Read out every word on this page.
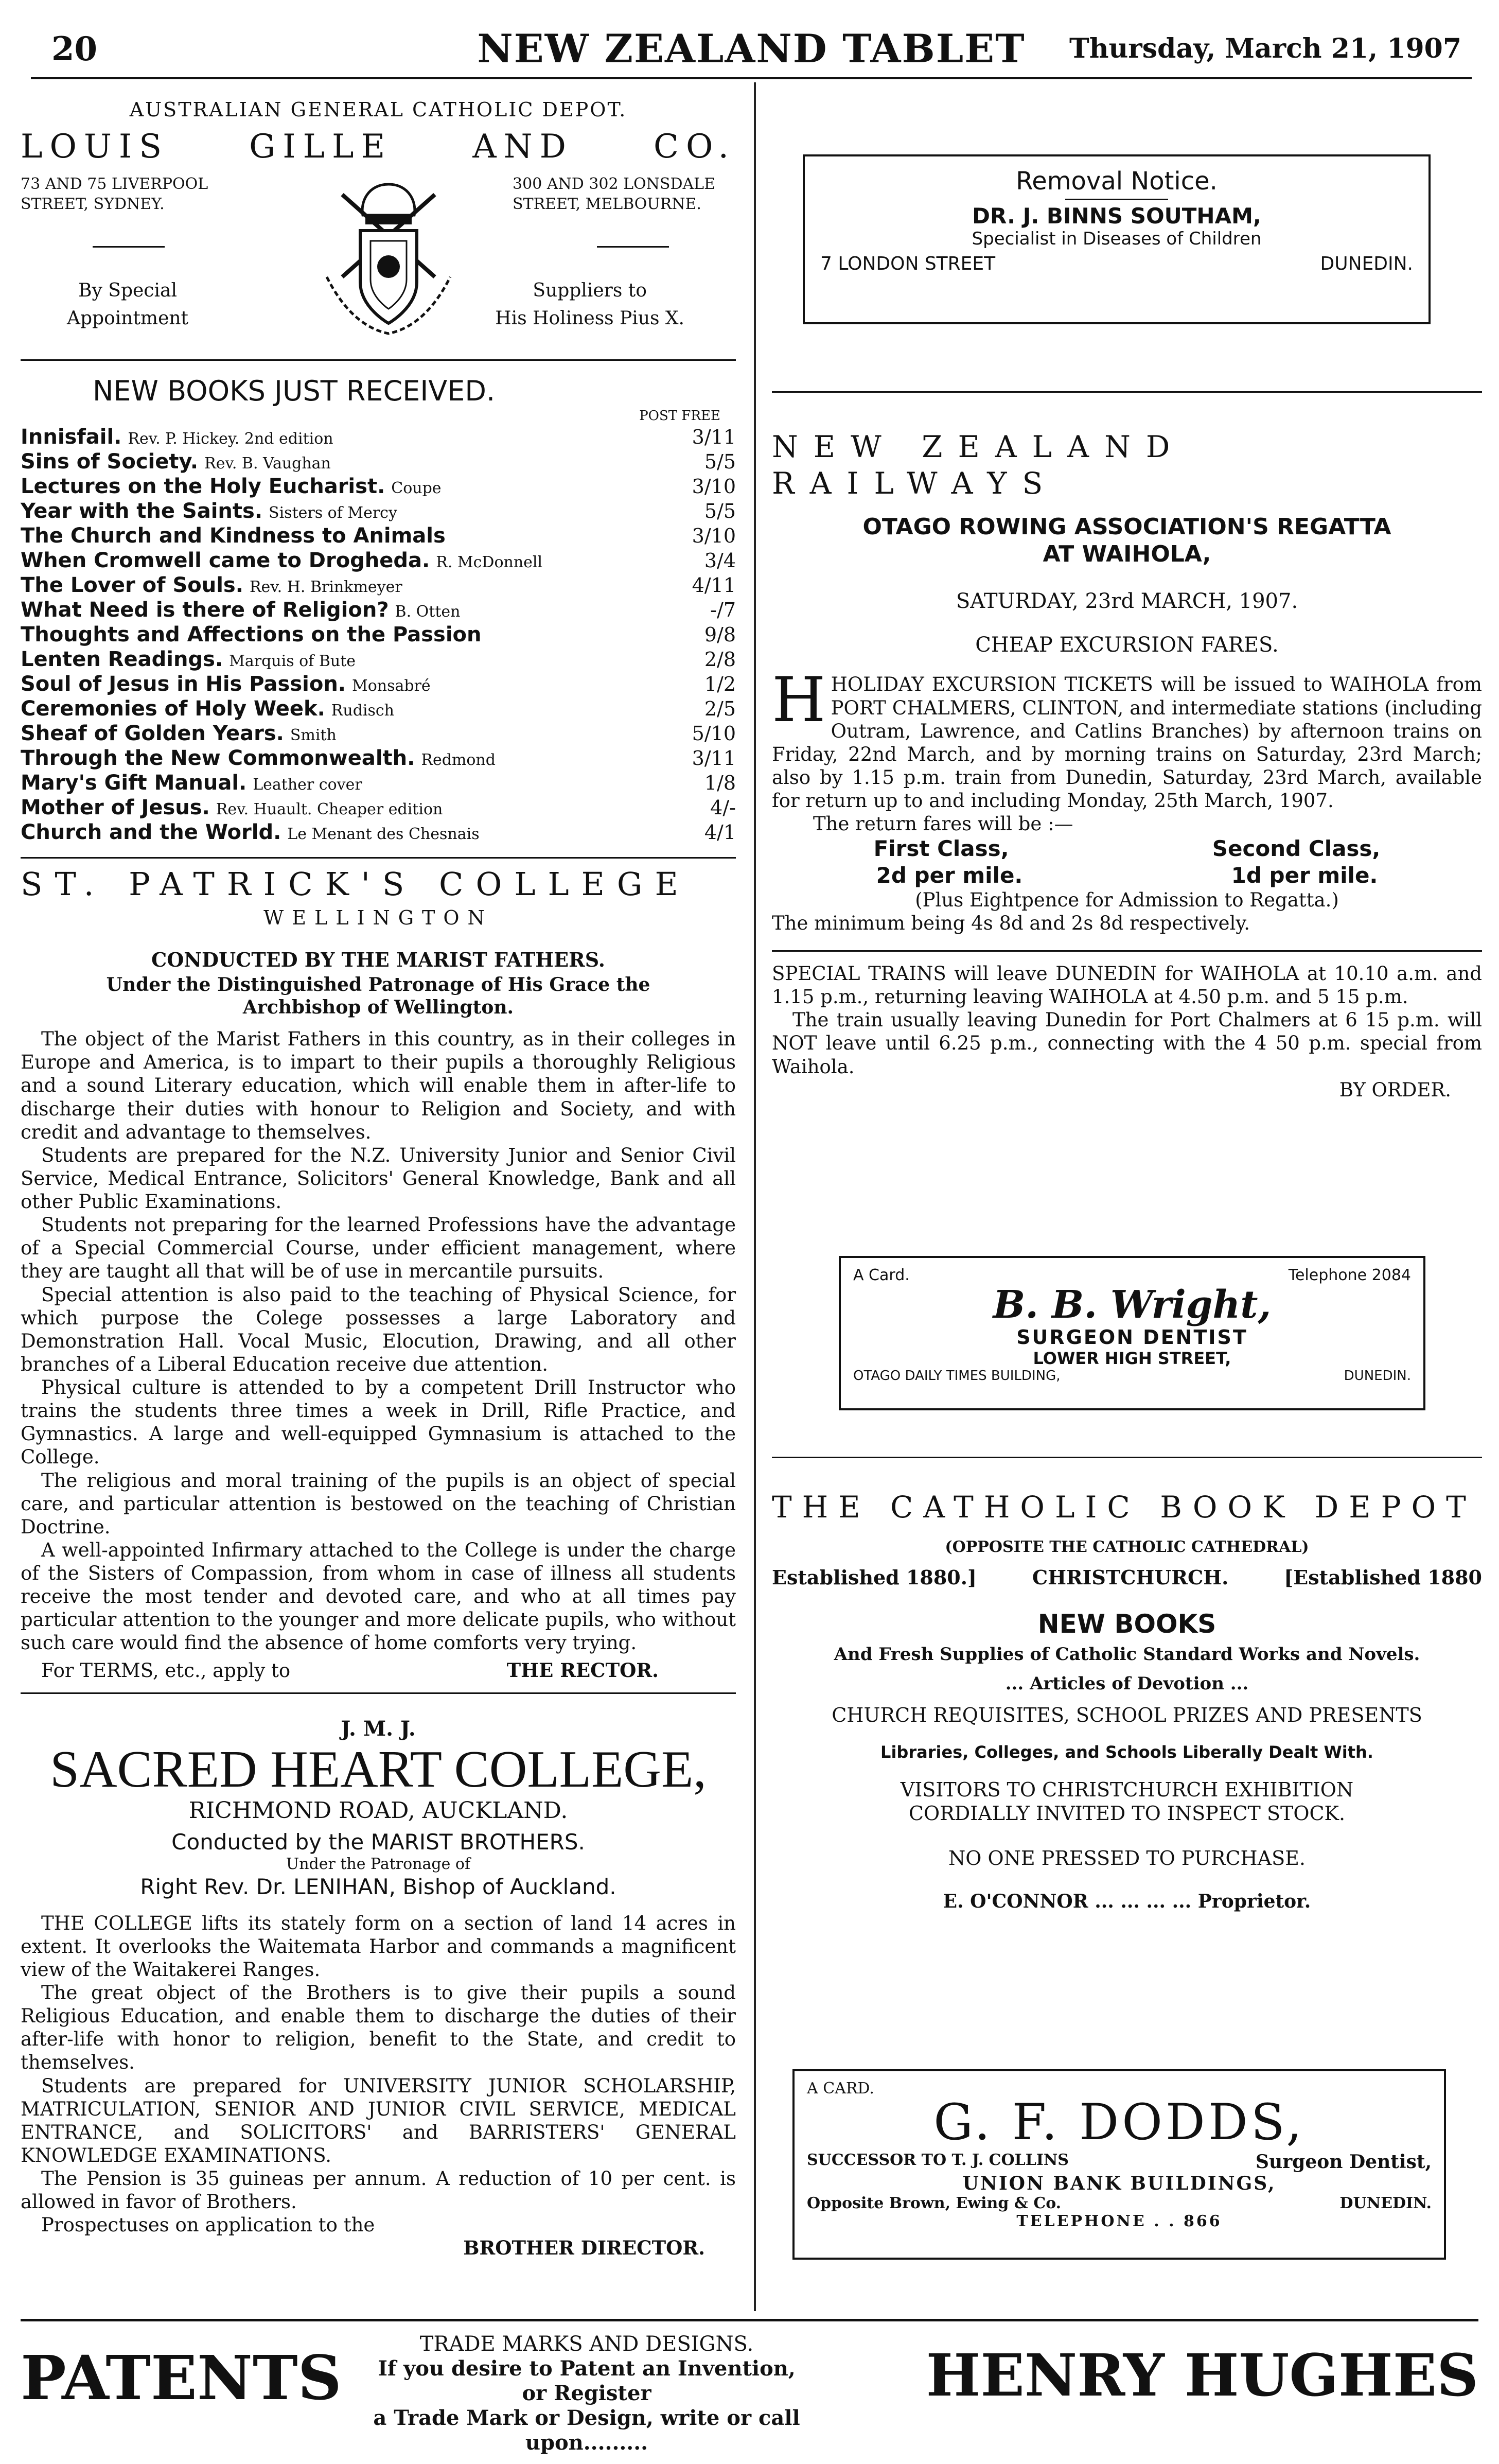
20	NEW ZEALAND TABLET	Thursday, March 21, 1907
AUSTRALIAN GENERAL CATHOLIC DEPOT.
LOUIS GILLE AND CO.
73 AND 75 LIVERPOOL
STREET, SYDNEY.
300 AND 302 LONSDALE
STREET, MELBOURNE.
By Special
Appointment
Suppliers to
His Holiness Pius X.
NEW BOOKS JUST RECEIVED.
POST FREE
Innisfail. Rev. P. Hickey. 2nd edition	3/11
Sins of Society. Rev. B. Vaughan	5/5
Lectures on the Holy Eucharist. Coupe	3/10
Year with the Saints. Sisters of Mercy	5/5
The Church and Kindness to Animals	3/10
When Cromwell came to Drogheda. R. McDonnell	3/4
The Lover of Souls. Rev. H. Brinkmeyer	4/11
What Need is there of Religion? B. Otten	-/7
Thoughts and Affections on the Passion	9/8
Lenten Readings. Marquis of Bute	2/8
Soul of Jesus in His Passion. Monsabré	1/2
Ceremonies of Holy Week. Rudisch	2/5
Sheaf of Golden Years. Smith	5/10
Through the New Commonwealth. Redmond	3/11
Mary's Gift Manual. Leather cover	1/8
Mother of Jesus. Rev. Huault. Cheaper edition	4/-
Church and the World. Le Menant des Chesnais	4/1
ST. PATRICK'S COLLEGE
WELLINGTON
CONDUCTED BY THE MARIST FATHERS.
Under the Distinguished Patronage of His Grace the Archbishop of Wellington.
The object of the Marist Fathers in this country, as in their colleges in Europe and America, is to impart to their pupils a thoroughly Religious and a sound Literary education, which will enable them in after-life to discharge their duties with honour to Religion and Society, and with credit and advantage to themselves.
Students are prepared for the N.Z. University Junior and Senior Civil Service, Medical Entrance, Solicitors' General Knowledge, Bank and all other Public Examinations.
Students not preparing for the learned Professions have the advantage of a Special Commercial Course, under efficient management, where they are taught all that will be of use in mercantile pursuits.
Special attention is also paid to the teaching of Physical Science, for which purpose the Colege possesses a large Laboratory and Demonstration Hall. Vocal Music, Elocution, Drawing, and all other branches of a Liberal Education receive due attention.
Physical culture is attended to by a competent Drill Instructor who trains the students three times a week in Drill, Rifle Practice, and Gymnastics. A large and well-equipped Gymnasium is attached to the College.
The religious and moral training of the pupils is an object of special care, and particular attention is bestowed on the teaching of Christian Doctrine.
A well-appointed Infirmary attached to the College is under the charge of the Sisters of Compassion, from whom in case of illness all students receive the most tender and devoted care, and who at all times pay particular attention to the younger and more delicate pupils, who without such care would find the absence of home comforts very trying.
For TERMS, etc., apply to	THE RECTOR.
J. M. J.
SACRED HEART COLLEGE,
RICHMOND ROAD, AUCKLAND.
Conducted by the MARIST BROTHERS.
Under the Patronage of
Right Rev. Dr. LENIHAN, Bishop of Auckland.
THE COLLEGE lifts its stately form on a section of land 14 acres in extent. It overlooks the Waitemata Harbor and commands a magnificent view of the Waitakerei Ranges.
The great object of the Brothers is to give their pupils a sound Religious Education, and enable them to discharge the duties of their after-life with honor to religion, benefit to the State, and credit to themselves.
Students are prepared for UNIVERSITY JUNIOR SCHOLARSHIP, MATRICULATION, SENIOR AND JUNIOR CIVIL SERVICE, MEDICAL ENTRANCE, and SOLICITORS' and BARRISTERS' GENERAL KNOWLEDGE EXAMINATIONS.
The Pension is 35 guineas per annum. A reduction of 10 per cent. is allowed in favor of Brothers.
Prospectuses on application to the
BROTHER DIRECTOR.
Removal Notice.
DR. J. BINNS SOUTHAM,
Specialist in Diseases of Children
7 LONDON STREET	DUNEDIN.
NEW ZEALAND RAILWAYS
OTAGO ROWING ASSOCIATION'S REGATTA
AT WAIHOLA,
SATURDAY, 23rd MARCH, 1907.
CHEAP EXCURSION FARES.
HHOLIDAY EXCURSION TICKETS will be issued to WAIHOLA from PORT CHALMERS, CLINTON, and intermediate stations (including Outram, Lawrence, and Catlins Branches) by afternoon trains on Friday, 22nd March, and by morning trains on Saturday, 23rd March; also by 1.15 p.m. train from Dunedin, Saturday, 23rd March, available for return up to and including Monday, 25th March, 1907.
The return fares will be :—
First Class,	Second Class,
2d per mile.	1d per mile.
(Plus Eightpence for Admission to Regatta.)
The minimum being 4s 8d and 2s 8d respectively.
SPECIAL TRAINS will leave DUNEDIN for WAIHOLA at 10.10 a.m. and 1.15 p.m., returning leaving WAIHOLA at 4.50 p.m. and 5 15 p.m.
The train usually leaving Dunedin for Port Chalmers at 6 15 p.m. will NOT leave until 6.25 p.m., connecting with the 4 50 p.m. special from Waihola.
BY ORDER.
A Card.	Telephone 2084
B. B. Wright,
SURGEON DENTIST
LOWER HIGH STREET,
OTAGO DAILY TIMES BUILDING,	DUNEDIN.
THE CATHOLIC BOOK DEPOT
(OPPOSITE THE CATHOLIC CATHEDRAL)
Established 1880.]	CHRISTCHURCH.	[Established 1880
NEW BOOKS
And Fresh Supplies of Catholic Standard Works and Novels.
... Articles of Devotion ...
CHURCH REQUISITES, SCHOOL PRIZES AND PRESENTS
Libraries, Colleges, and Schools Liberally Dealt With.
VISITORS TO CHRISTCHURCH EXHIBITION
CORDIALLY INVITED TO INSPECT STOCK.
NO ONE PRESSED TO PURCHASE.
E. O'CONNOR ... ... ... ... Proprietor.
A CARD.
G. F. DODDS,
SUCCESSOR TO T. J. COLLINS	Surgeon Dentist,
UNION BANK BUILDINGS,
Opposite Brown, Ewing & Co.	DUNEDIN.
TELEPHONE . . 866
PATENTS	TRADE MARKS AND DESIGNS.
If you desire to Patent an Invention, or Register
a Trade Mark or Design, write or call upon.........
HENRY HUGHES
